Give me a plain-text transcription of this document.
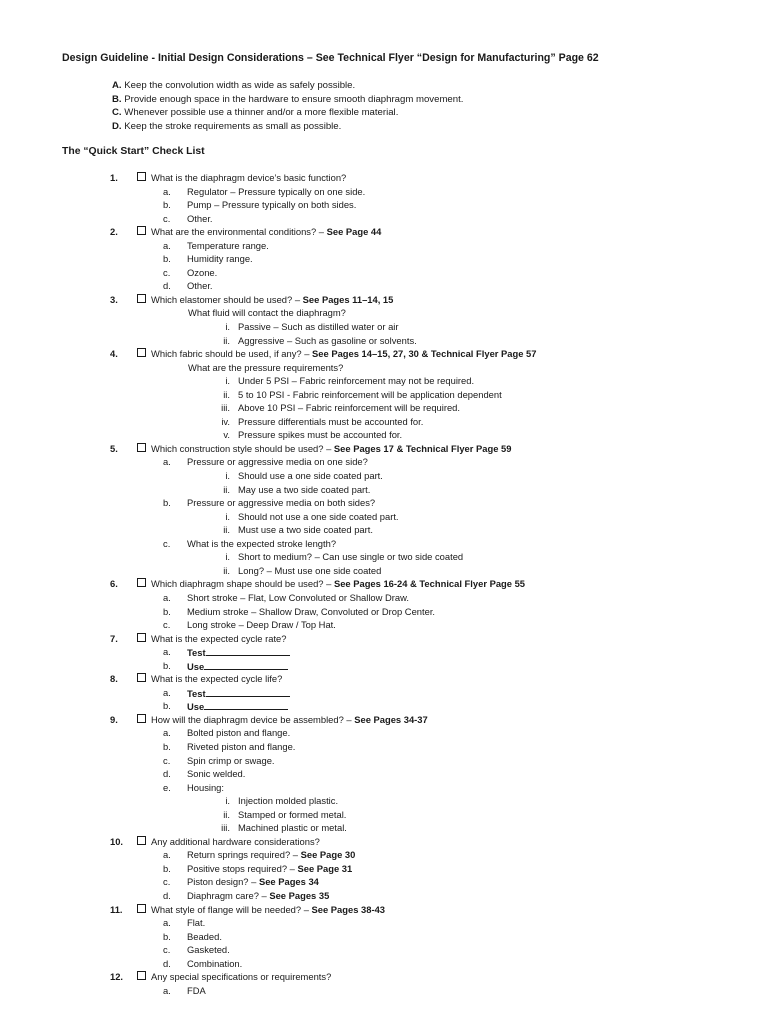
Design Guideline - Initial Design Considerations – See Technical Flyer “Design for Manufacturing” Page 62
A. Keep the convolution width as wide as safely possible.
B. Provide enough space in the hardware to ensure smooth diaphragm movement.
C. Whenever possible use a thinner and/or a more flexible material.
D. Keep the stroke requirements as small as possible.
The “Quick Start” Check List
1.	What is the diaphragm device’s basic function?
a. Regulator – Pressure typically on one side.
b. Pump – Pressure typically on both sides.
c. Other.
2.	What are the environmental conditions? – See Page 44
a. Temperature range.
b. Humidity range.
c. Ozone.
d. Other.
3.	Which elastomer should be used? – See Pages 11–14, 15
What fluid will contact the diaphragm?
i. Passive – Such as distilled water or air
ii. Aggressive – Such as gasoline or solvents.
4.	Which fabric should be used, if any? – See Pages 14–15, 27, 30 & Technical Flyer Page 57
What are the pressure requirements?
i. Under 5 PSI – Fabric reinforcement may not be required.
ii. 5 to 10 PSI - Fabric reinforcement will be application dependent
iii. Above 10 PSI – Fabric reinforcement will be required.
iv. Pressure differentials must be accounted for.
v. Pressure spikes must be accounted for.
5.	Which construction style should be used? – See Pages 17 & Technical Flyer Page 59
a. Pressure or aggressive media on one side?
i. Should use a one side coated part.
ii. May use a two side coated part.
b. Pressure or aggressive media on both sides?
i. Should not use a one side coated part.
ii. Must use a two side coated part.
c. What is the expected stroke length?
i. Short to medium? – Can use single or two side coated
ii. Long? – Must use one side coated
6.	Which diaphragm shape should be used? – See Pages 16-24 & Technical Flyer Page 55
a. Short stroke – Flat, Low Convoluted or Shallow Draw.
b. Medium stroke – Shallow Draw, Convoluted or Drop Center.
c. Long stroke – Deep Draw / Top Hat.
7.	What is the expected cycle rate?
a. Test
b. Use
8.	What is the expected cycle life?
a. Test
b. Use
9.	How will the diaphragm device be assembled? – See Pages 34-37
a. Bolted piston and flange.
b. Riveted piston and flange.
c. Spin crimp or swage.
d. Sonic welded.
e. Housing:
i. Injection molded plastic.
ii. Stamped or formed metal.
iii. Machined plastic or metal.
10.	Any additional hardware considerations?
a. Return springs required? – See Page 30
b. Positive stops required? – See Page 31
c. Piston design? – See Pages 34
d. Diaphragm care? – See Pages 35
11.	What style of flange will be needed? – See Pages 38-43
a. Flat.
b. Beaded.
c. Gasketed.
d. Combination.
12.	Any special specifications or requirements?
a. FDA
